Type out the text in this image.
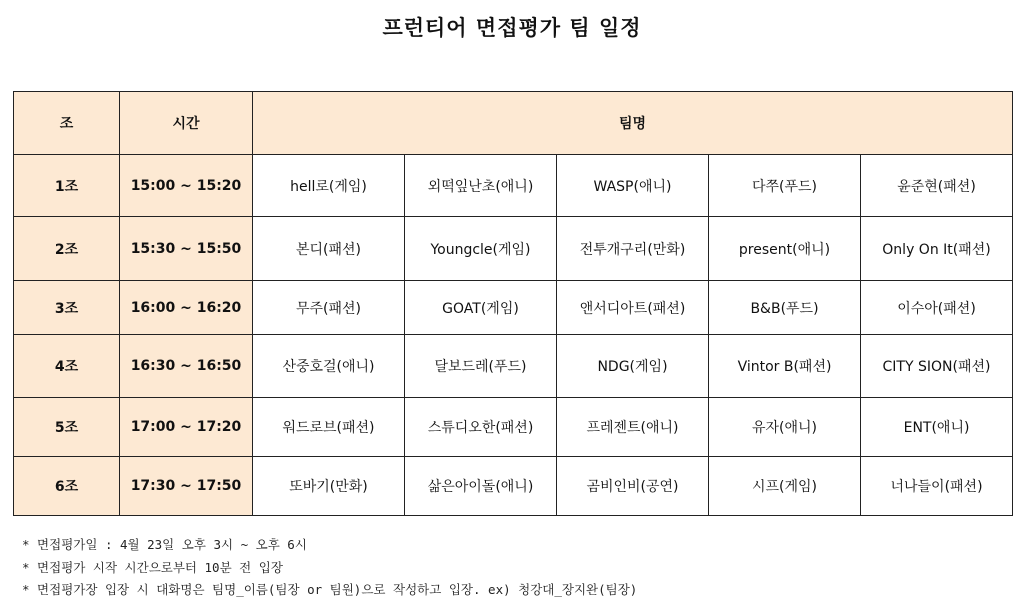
프런티어 면접평가 팀 일정
조	시간	팀명				
1조	15:00 ~ 15:20	hell로(게임)	외떡잎난초(애니)	WASP(애니)	다쭈(푸드)	윤준현(패션)
2조	15:30 ~ 15:50	본디(패션)	Youngcle(게임)	전투개구리(만화)	present(애니)	Only On It(패션)
3조	16:00 ~ 16:20	무주(패션)	GOAT(게임)	앤서디아트(패션)	B&B(푸드)	이수아(패션)
4조	16:30 ~ 16:50	산중호걸(애니)	달보드레(푸드)	NDG(게임)	Vintor B(패션)	CITY SION(패션)
5조	17:00 ~ 17:20	워드로브(패션)	스튜디오한(패션)	프레젠트(애니)	유자(애니)	ENT(애니)
6조	17:30 ~ 17:50	또바기(만화)	삶은아이돌(애니)	곰비인비(공연)	시프(게임)	너나들이(패션)
* 면접평가일 : 4월 23일 오후 3시 ~ 오후 6시
* 면접평가 시작 시간으로부터 10분 전 입장
* 면접평가장 입장 시 대화명은 팀명_이름(팀장 or 팀원)으로 작성하고 입장. ex) 청강대_장지완(팀장)
